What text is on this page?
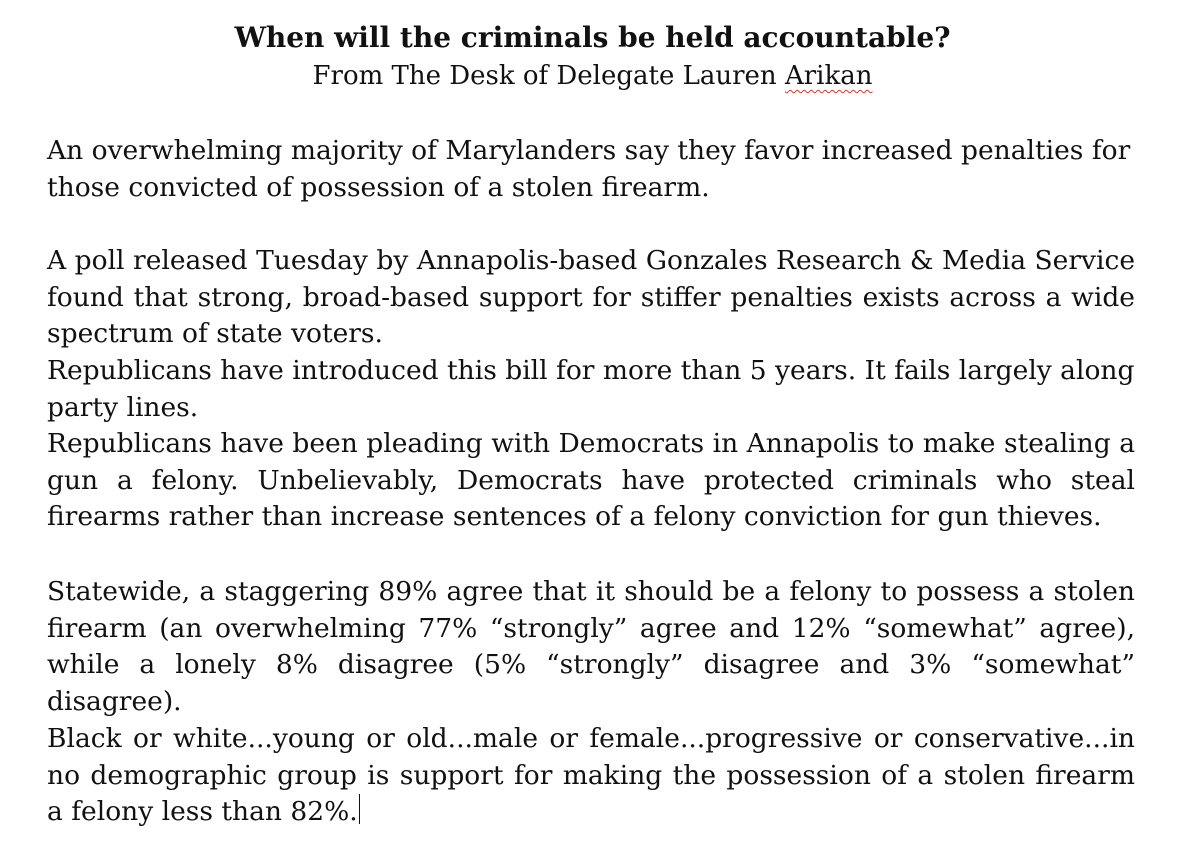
When will the criminals be held accountable?
From The Desk of Delegate Lauren Arikan

An overwhelming majority of Marylanders say they favor increased penalties for those convicted of possession of a stolen firearm.

A poll released Tuesday by Annapolis-based Gonzales Research & Media Service found that strong, broad-based support for stiffer penalties exists across a wide spectrum of state voters.

Republicans have introduced this bill for more than 5 years. It fails largely along party lines.

Republicans have been pleading with Democrats in Annapolis to make stealing a gun a felony. Unbelievably, Democrats have protected criminals who steal firearms rather than increase sentences of a felony conviction for gun thieves.

Statewide, a staggering 89% agree that it should be a felony to possess a stolen firearm (an overwhelming 77% “strongly” agree and 12% “somewhat” agree), while a lonely 8% disagree (5% “strongly” disagree and 3% “somewhat” disagree).

Black or white...young or old...male or female...progressive or conservative...in no demographic group is support for making the possession of a stolen firearm a felony less than 82%.
